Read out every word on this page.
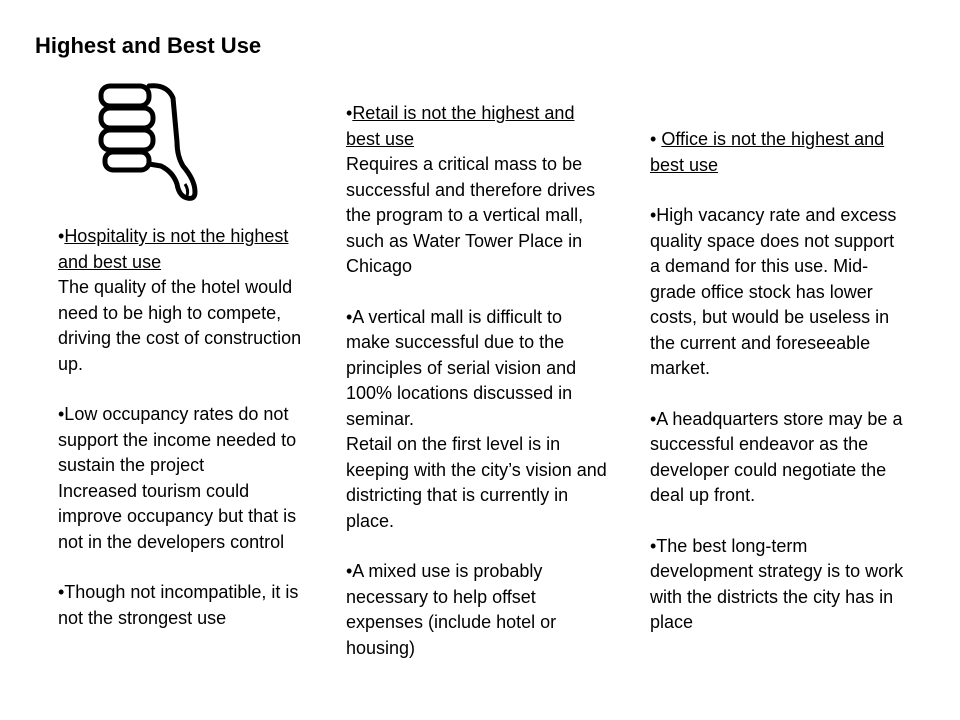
Highest and Best Use

•Hospitality is not the highest and best use

The quality of the hotel would need to be high to compete, driving the cost of construction up.

•Low occupancy rates do not support the income needed to sustain the project

Increased tourism could improve occupancy but that is not in the developers control

•Though not incompatible, it is not the strongest use

•Retail is not the highest and best use

Requires a critical mass to be successful and therefore drives the program to a vertical mall, such as Water Tower Place in Chicago

•A vertical mall is difficult to make successful due to the principles of serial vision and 100% locations discussed in seminar.

Retail on the first level is in keeping with the city’s vision and districting that is currently in place.

•A mixed use is probably necessary to help offset expenses (include hotel or housing)

• Office is not the highest and best use

•High vacancy rate and excess quality space does not support a demand for this use. Mid-grade office stock has lower costs, but would be useless in the current and foreseeable market.

•A headquarters store may be a successful endeavor as the developer could negotiate the deal up front.

•The best long-term development strategy is to work with the districts the city has in place
